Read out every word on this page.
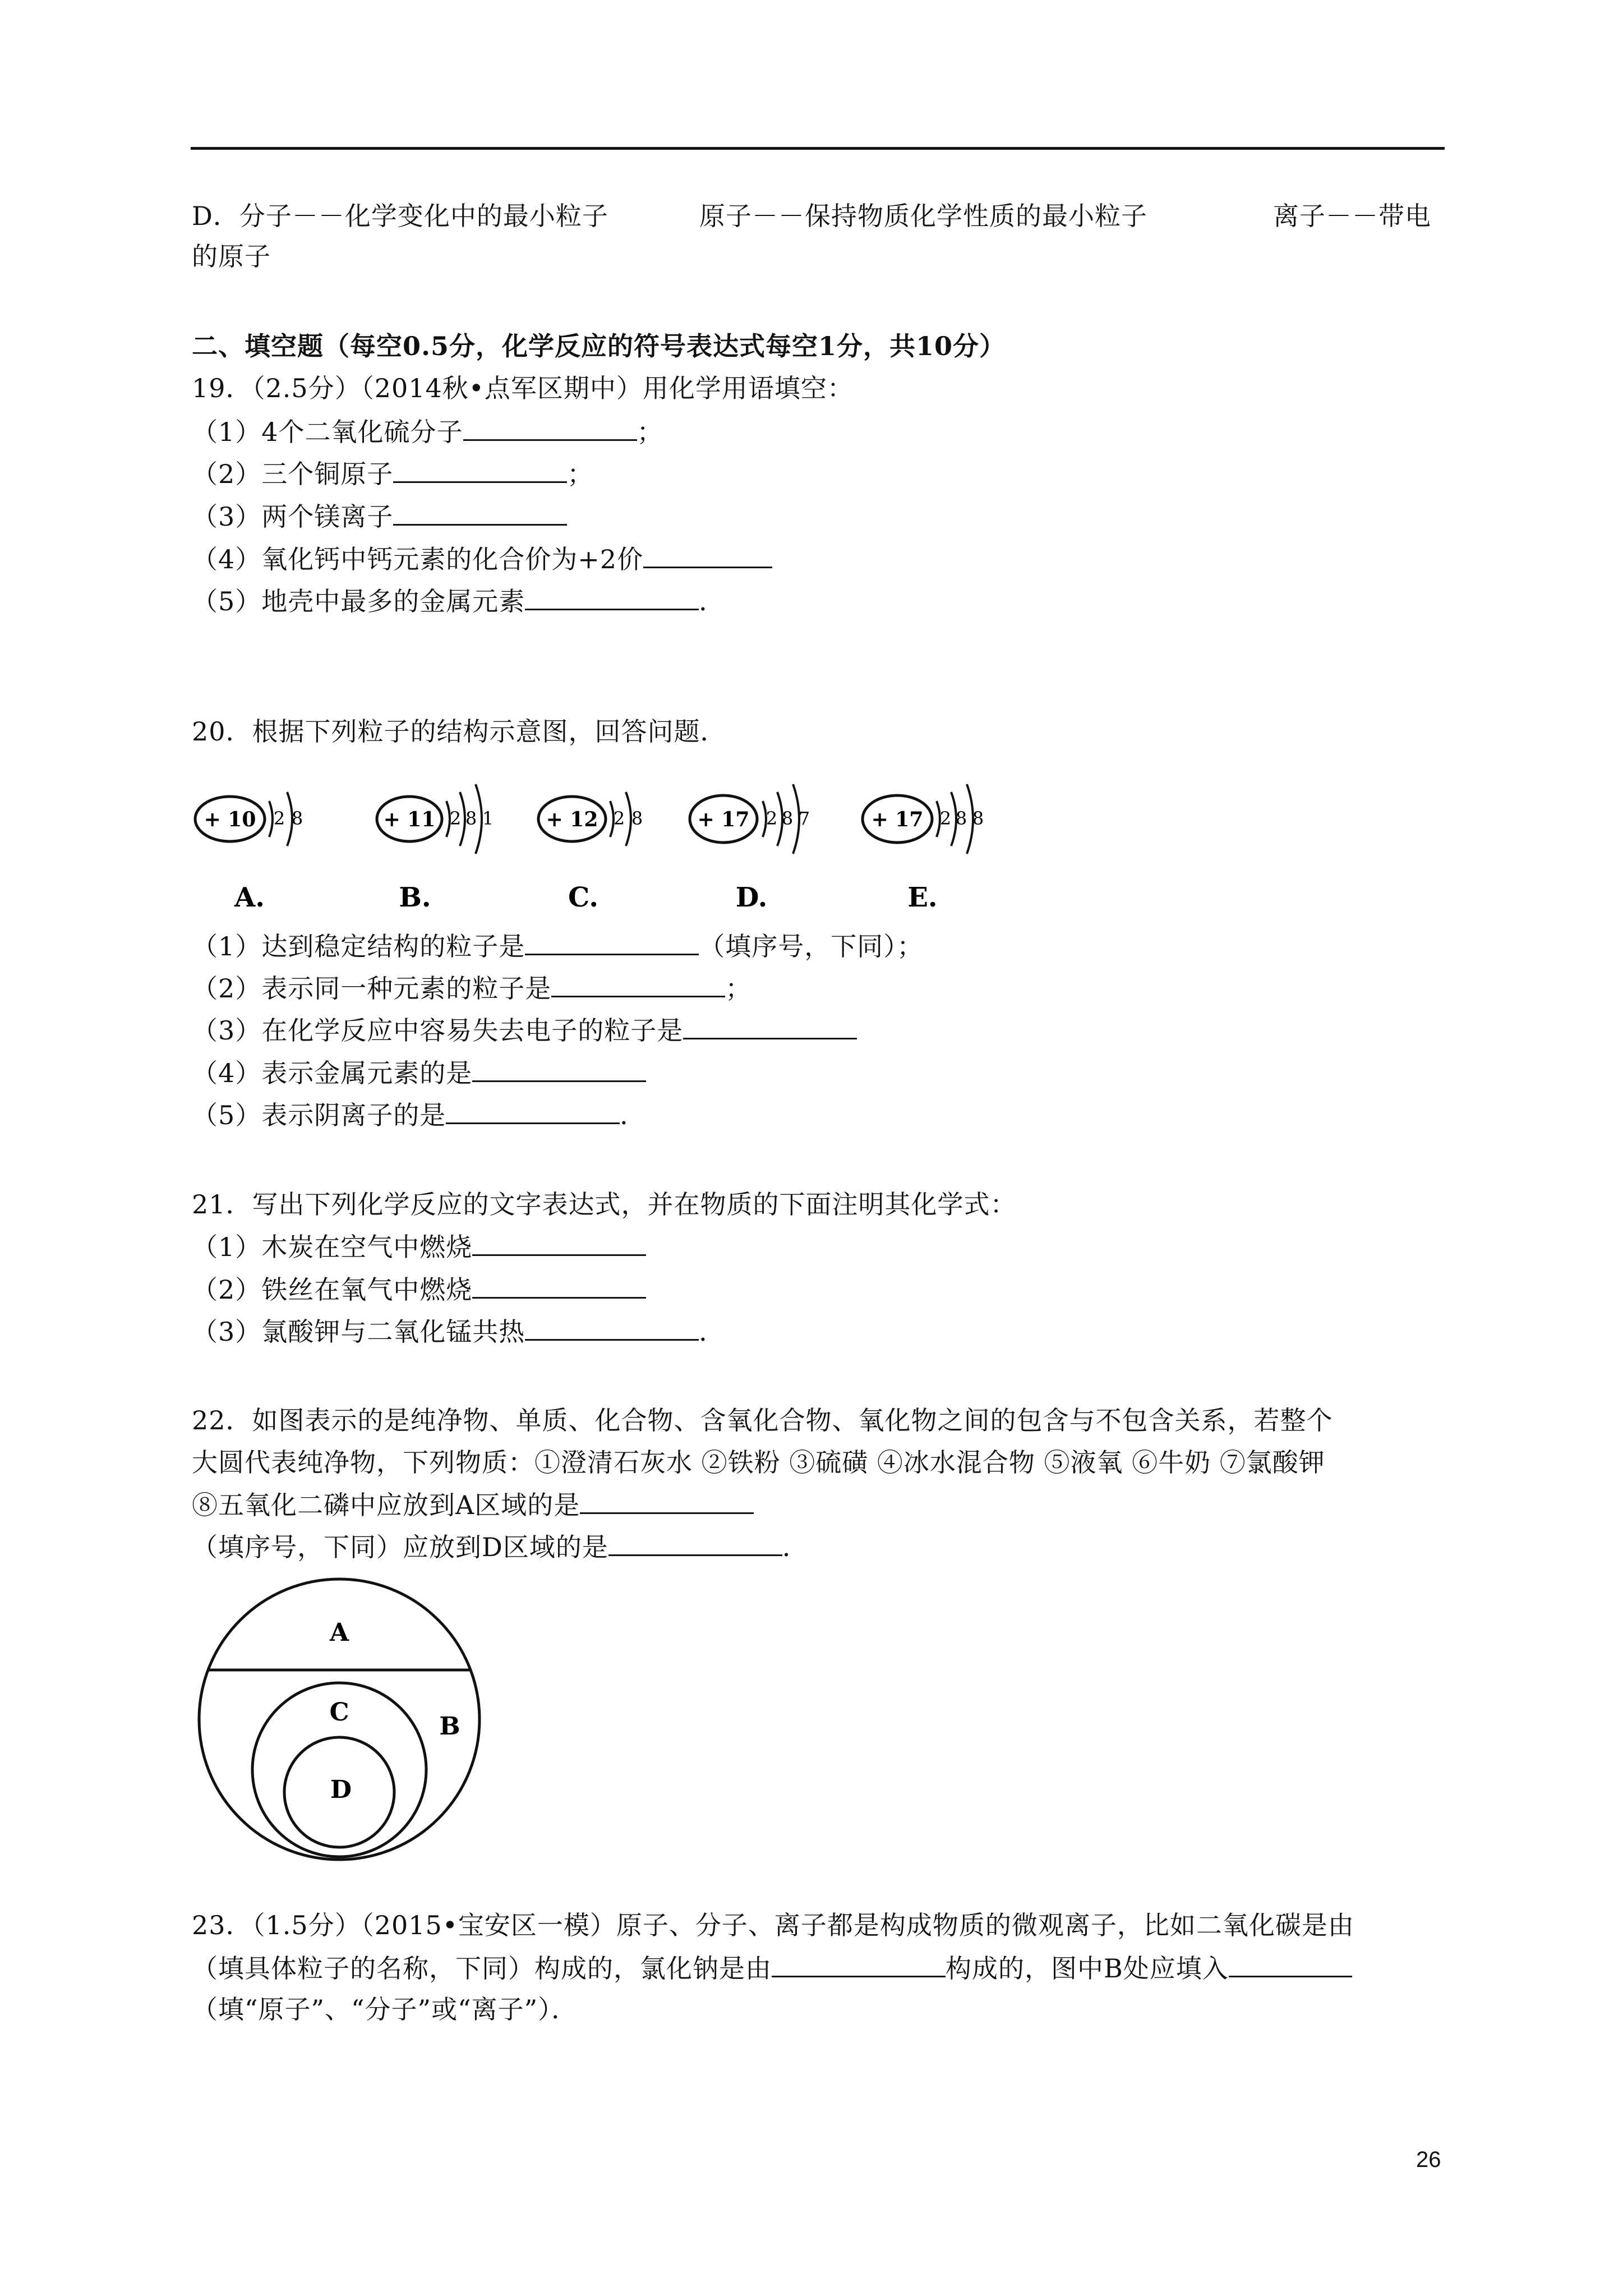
D．分子－－化学变化中的最小粒子	原子－－保持物质化学性质的最小粒子	离子－－带电
的原子
二、填空题（每空0.5分，化学反应的符号表达式每空1分，共10分）
19．（2.5分）（2014秋•点军区期中）用化学用语填空：
（1）4个二氧化硫分子	；
（2）三个铜原子	；
（3）两个镁离子
（4）氧化钙中钙元素的化合价为+2价
（5）地壳中最多的金属元素	．
20．根据下列粒子的结构示意图，回答问题．
+ 10 2 8
A.
+ 11 2 8 1
B.
+ 12 2 8
C.
+ 17 2 8 7
D.
+ 17 2 8 8
E.
（1）达到稳定结构的粒子是	（填序号，下同）；
（2）表示同一种元素的粒子是	；
（3）在化学反应中容易失去电子的粒子是
（4）表示金属元素的是
（5）表示阴离子的是	．
21．写出下列化学反应的文字表达式，并在物质的下面注明其化学式：
（1）木炭在空气中燃烧
（2）铁丝在氧气中燃烧
（3）氯酸钾与二氧化锰共热	．
22．如图表示的是纯净物、单质、化合物、含氧化合物、氧化物之间的包含与不包含关系，若整个
大圆代表纯净物，下列物质：①澄清石灰水 ②铁粉 ③硫磺 ④冰水混合物 ⑤液氧 ⑥牛奶 ⑦氯酸钾
⑧五氧化二磷中应放到A区域的是
（填序号，下同）应放到D区域的是	．
A
C	B
D
23．（1.5分）（2015•宝安区一模）原子、分子、离子都是构成物质的微观离子，比如二氧化碳是由
（填具体粒子的名称，下同）构成的，氯化钠是由	构成的，图中B处应填入
（填“原子”、“分子”或“离子”）．
26
